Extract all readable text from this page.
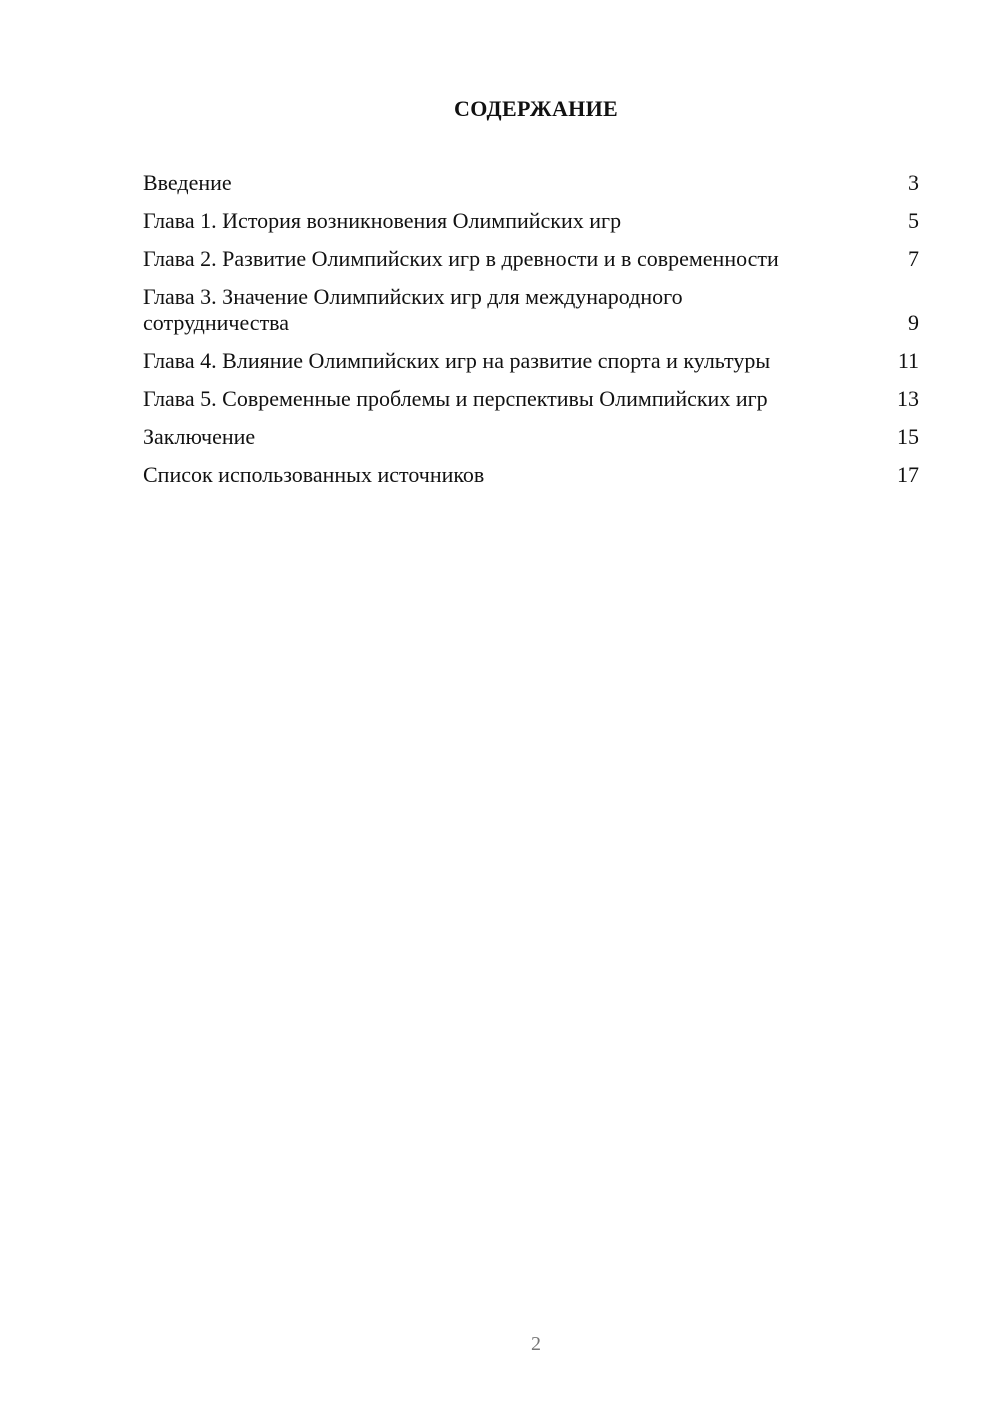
СОДЕРЖАНИЕ
Введение	3
Глава 1. История возникновения Олимпийских игр	5
Глава 2. Развитие Олимпийских игр в древности и в современности	7
Глава 3. Значение Олимпийских игр для международного сотрудничества	9
Глава 4. Влияние Олимпийских игр на развитие спорта и культуры	11
Глава 5. Современные проблемы и перспективы Олимпийских игр	13
Заключение	15
Список использованных источников	17
2
